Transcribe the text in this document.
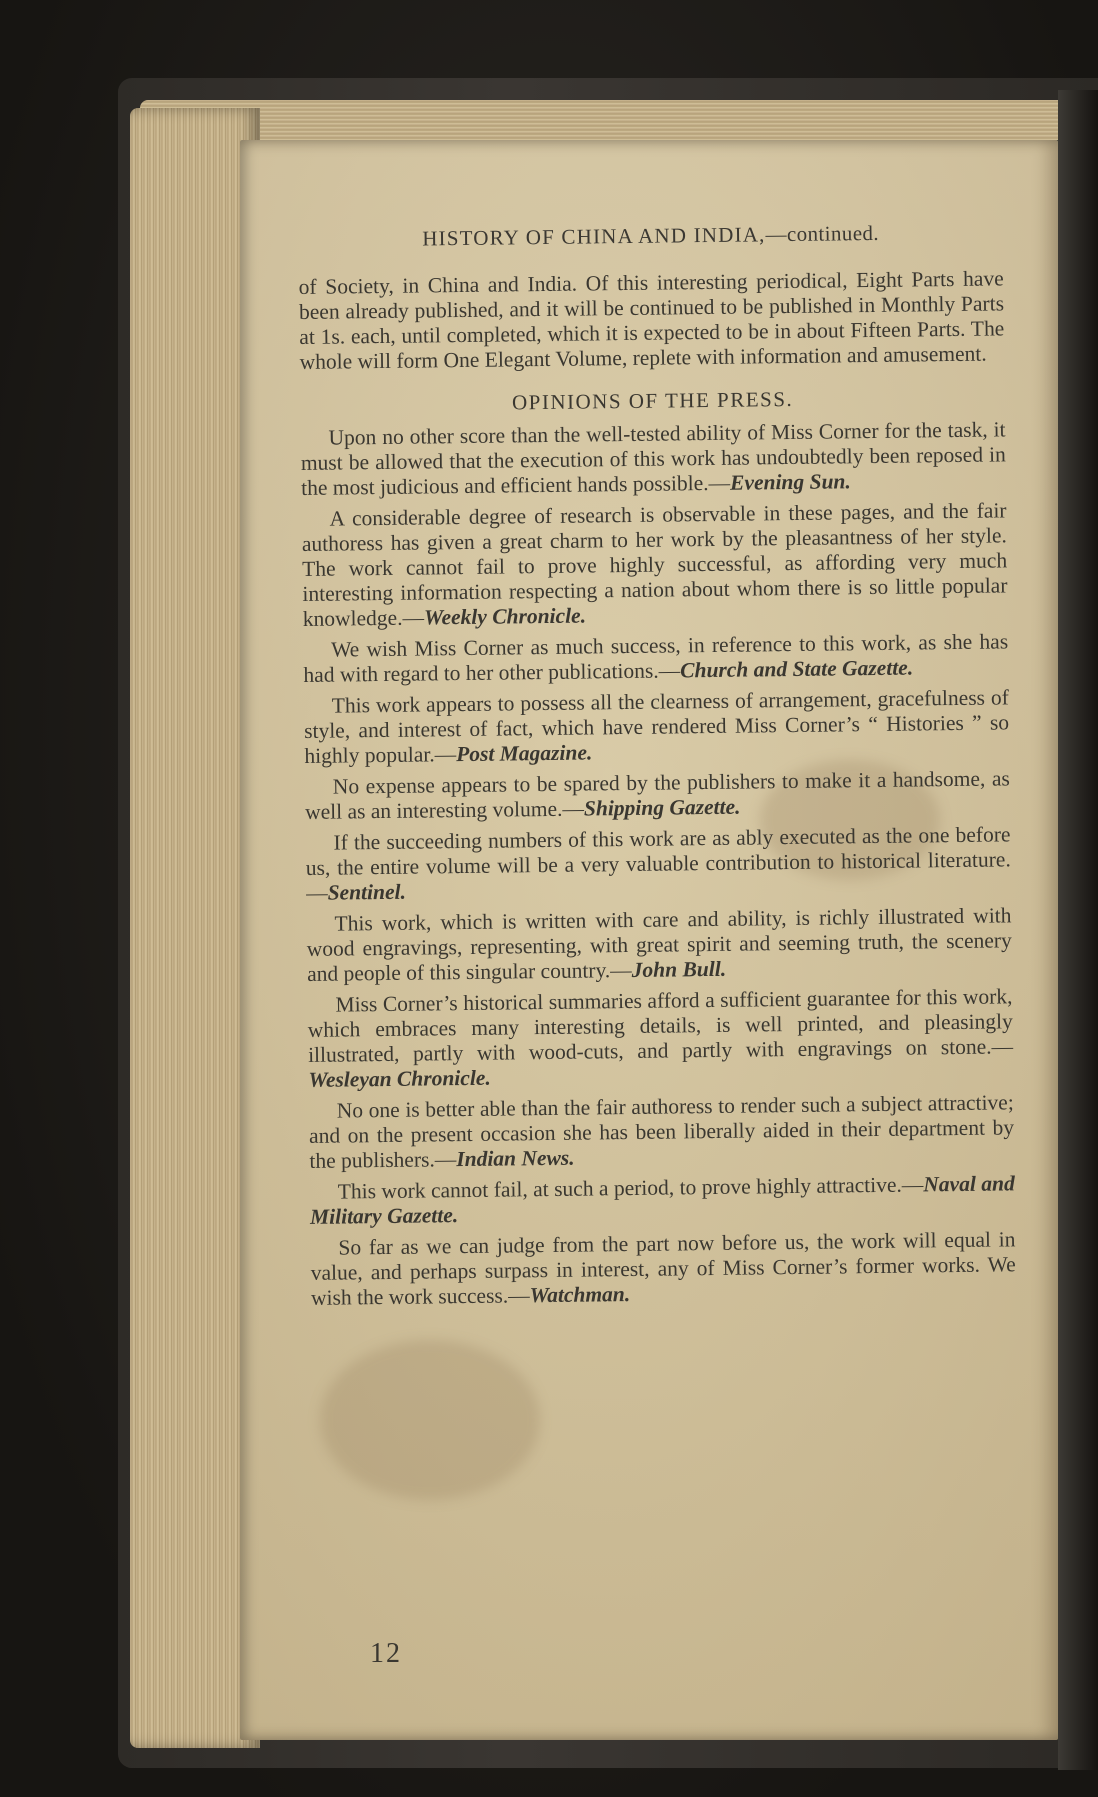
HISTORY OF CHINA AND INDIA,—continued.

of Society, in China and India. Of this interesting periodical, Eight Parts have been already published, and it will be continued to be published in Monthly Parts at 1s. each, until completed, which it is expected to be in about Fifteen Parts. The whole will form One Elegant Volume, replete with information and amusement.

OPINIONS OF THE PRESS.

Upon no other score than the well-tested ability of Miss Corner for the task, it must be allowed that the execution of this work has undoubtedly been reposed in the most judicious and efficient hands possible.—Evening Sun.

A considerable degree of research is observable in these pages, and the fair authoress has given a great charm to her work by the pleasantness of her style. The work cannot fail to prove highly successful, as affording very much interesting information respecting a nation about whom there is so little popular knowledge.—Weekly Chronicle.

We wish Miss Corner as much success, in reference to this work, as she has had with regard to her other publications.—Church and State Gazette.

This work appears to possess all the clearness of arrangement, gracefulness of style, and interest of fact, which have rendered Miss Corner’s “ Histories ” so highly popular.—Post Magazine.

No expense appears to be spared by the publishers to make it a handsome, as well as an interesting volume.—Shipping Gazette.

If the succeeding numbers of this work are as ably executed as the one before us, the entire volume will be a very valuable contribution to historical literature.—Sentinel.

This work, which is written with care and ability, is richly illustrated with wood engravings, representing, with great spirit and seeming truth, the scenery and people of this singular country.—John Bull.

Miss Corner’s historical summaries afford a sufficient guarantee for this work, which embraces many interesting details, is well printed, and pleasingly illustrated, partly with wood-cuts, and partly with engravings on stone.—Wesleyan Chronicle.

No one is better able than the fair authoress to render such a subject attractive; and on the present occasion she has been liberally aided in their department by the publishers.—Indian News.

This work cannot fail, at such a period, to prove highly attractive.—Naval and Military Gazette.

So far as we can judge from the part now before us, the work will equal in value, and perhaps surpass in interest, any of Miss Corner’s former works. We wish the work success.—Watchman.

12
